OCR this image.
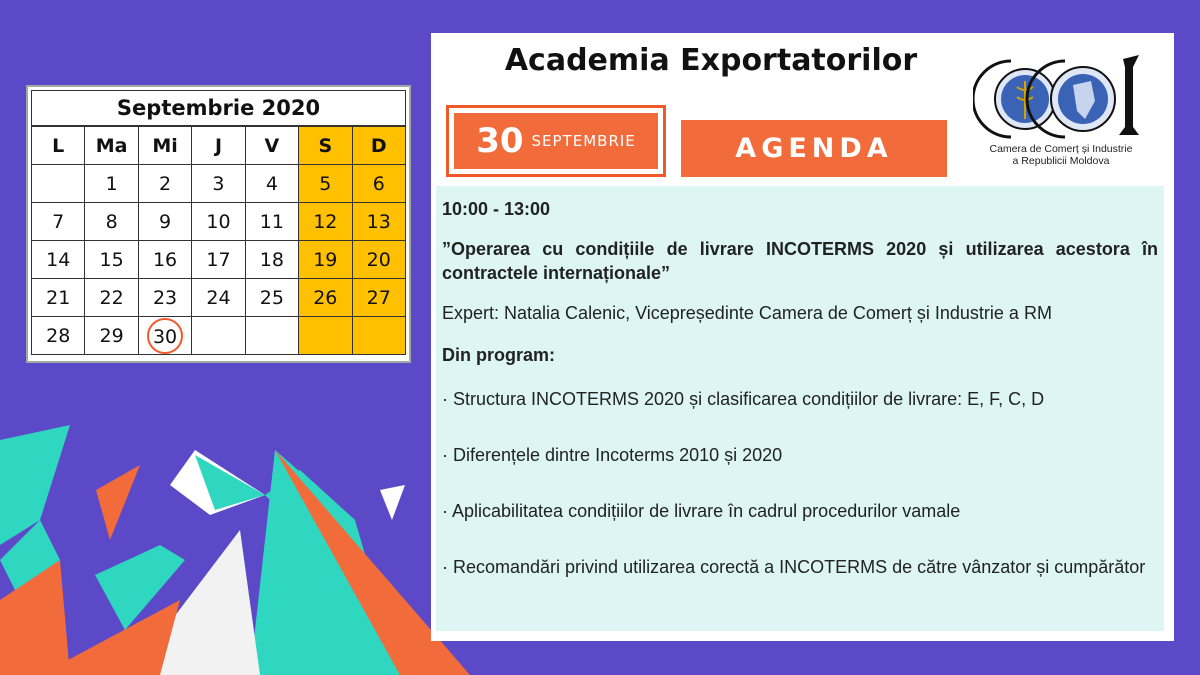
Septembrie 2020
L	Ma	Mi	J	V	S	D
	1	2	3	4	5	6
7	8	9	10	11	12	13
14	15	16	17	18	19	20
21	22	23	24	25	26	27
28	29	30				
Academia Exportatorilor
30 SEPTEMBRIE	AGENDA	Camera de Comerț și Industrie
a Republicii Moldova

10:00 - 13:00

”Operarea cu condițiile de livrare INCOTERMS 2020 și utilizarea acestora în contractele internaționale”

Expert: Natalia Calenic, Vicepreședinte Camera de Comerț și Industrie a RM

Din program:

· Structura INCOTERMS 2020 și clasificarea condițiilor de livrare: E, F, C, D

· Diferențele dintre Incoterms 2010 și 2020

· Aplicabilitatea condițiilor de livrare în cadrul procedurilor vamale

· Recomandări privind utilizarea corectă a INCOTERMS de către vânzator și cumpărător
